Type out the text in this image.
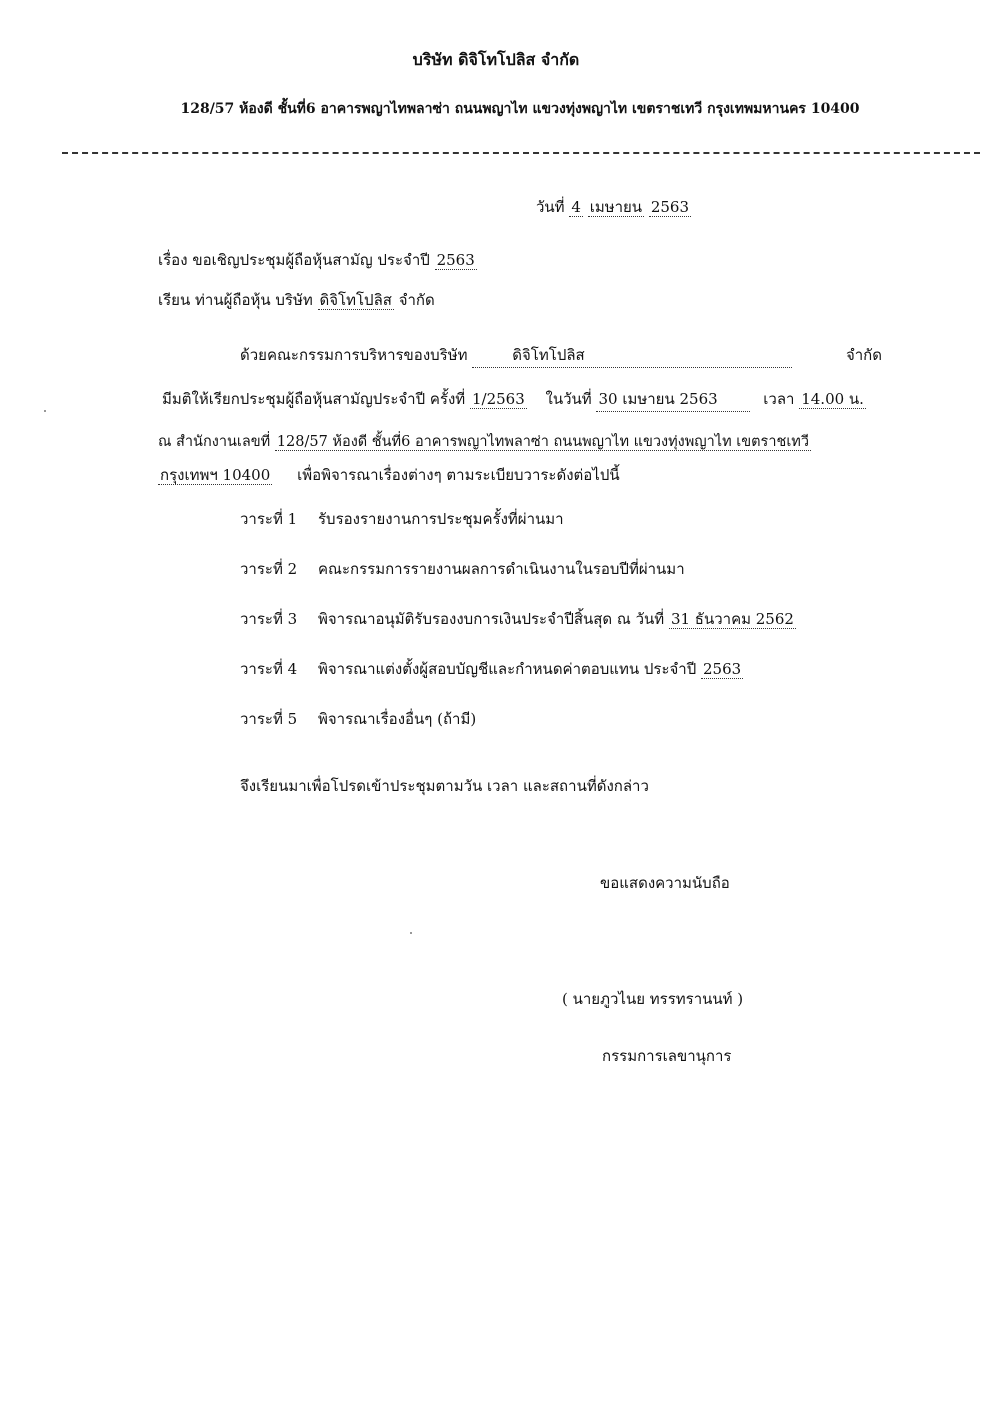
บริษัท ดิจิโทโปลิส จำกัด
128/57 ห้องดี ชั้นที่6 อาคารพญาไทพลาซ่า ถนนพญาไท แขวงทุ่งพญาไท เขตราชเทวี กรุงเทพมหานคร 10400
วันที่ 4 เมษายน 2563
เรื่อง ขอเชิญประชุมผู้ถือหุ้นสามัญ ประจำปี 2563
เรียน ท่านผู้ถือหุ้น บริษัท ดิจิโทโปลิส จำกัด
ด้วยคณะกรรมการบริหารของบริษัท	ดิจิโทโปลิส	จำกัด
มีมติให้เรียกประชุมผู้ถือหุ้นสามัญประจำปี ครั้งที่ 1/2563 ในวันที่ 30 เมษายน 2563	เวลา 14.00 น.
ณ สำนักงานเลขที่ 128/57 ห้องดี ชั้นที่6 อาคารพญาไทพลาซ่า ถนนพญาไท แขวงทุ่งพญาไท เขตราชเทวี
กรุงเทพฯ 10400 เพื่อพิจารณาเรื่องต่างๆ ตามระเบียบวาระดังต่อไปนี้
วาระที่ 1 รับรองรายงานการประชุมครั้งที่ผ่านมา
วาระที่ 2 คณะกรรมการรายงานผลการดำเนินงานในรอบปีที่ผ่านมา
วาระที่ 3 พิจารณาอนุมัติรับรองงบการเงินประจำปีสิ้นสุด ณ วันที่ 31 ธันวาคม 2562
วาระที่ 4 พิจารณาแต่งตั้งผู้สอบบัญชีและกำหนดค่าตอบแทน ประจำปี 2563
วาระที่ 5 พิจารณาเรื่องอื่นๆ (ถ้ามี)
จึงเรียนมาเพื่อโปรดเข้าประชุมตามวัน เวลา และสถานที่ดังกล่าว
ขอแสดงความนับถือ
( นายภูวไนย ทรรทรานนท์ )
กรรมการเลขานุการ
